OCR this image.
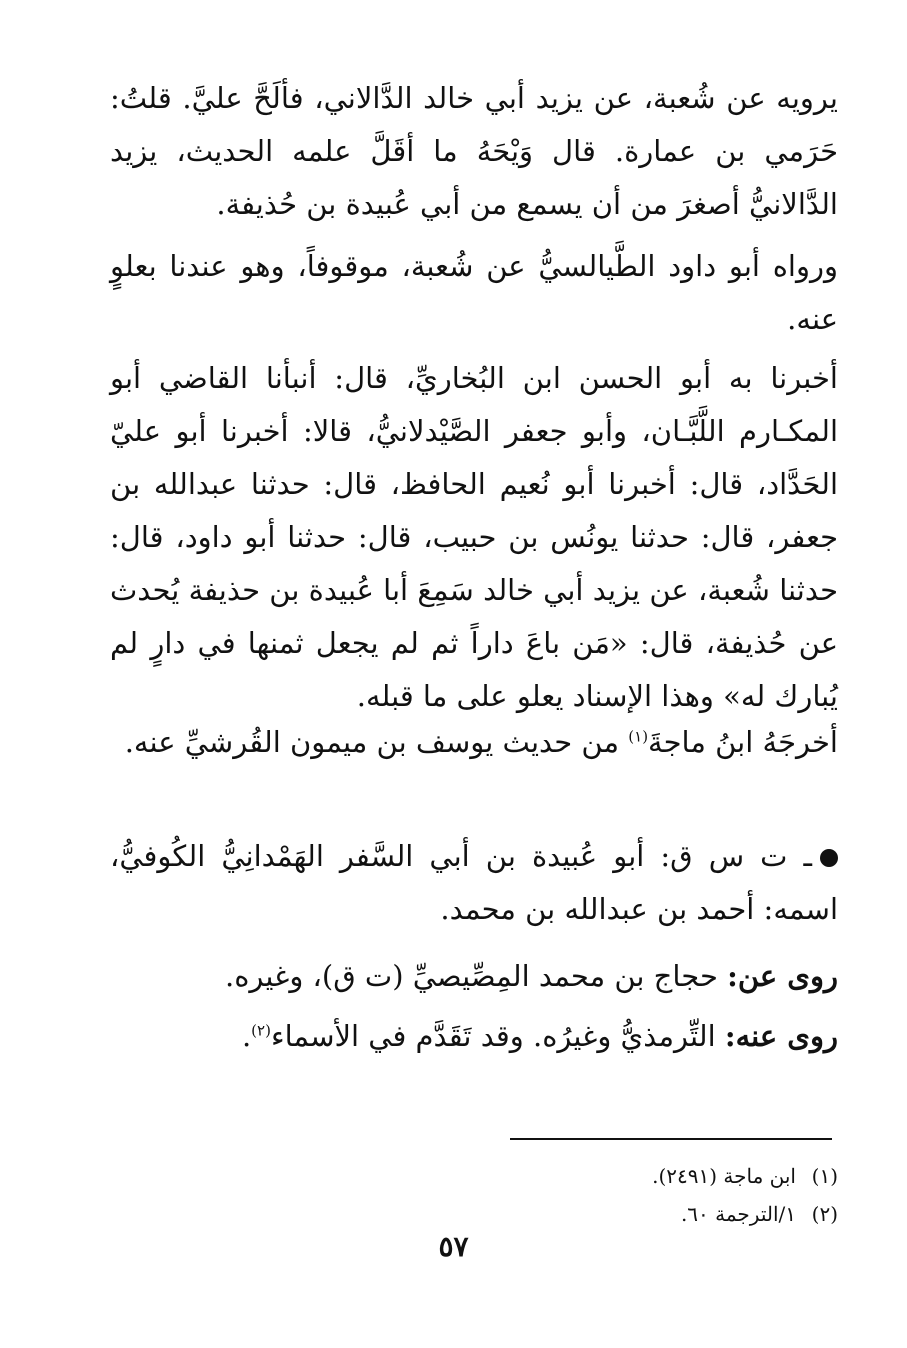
يرويه عن شُعبة، عن يزيد أبي خالد الدَّالاني، فألَحَّ عليَّ. قلتُ: حَرَمي بن عمارة. قال وَيْحَهُ ما أقَلَّ علمه الحديث، يزيد الدَّالانيُّ أصغرَ من أن يسمع من أبي عُبيدة بن حُذيفة.

ورواه أبو داود الطَّيالسيُّ عن شُعبة، موقوفاً، وهو عندنا بعلوٍ عنه.

أخبرنا به أبو الحسن ابن البُخاريِّ، قال: أنبأنا القاضي أبو المكـارم اللَّبَّـان، وأبو جعفر الصَّيْدلانيُّ، قالا: أخبرنا أبو عليّ الحَدَّاد، قال: أخبرنا أبو نُعيم الحافظ، قال: حدثنا عبدالله بن جعفر، قال: حدثنا يونُس بن حبيب، قال: حدثنا أبو داود، قال: حدثنا شُعبة، عن يزيد أبي خالد سَمِعَ أبا عُبيدة بن حذيفة يُحدث عن حُذيفة، قال: «مَن باعَ داراً ثم لم يجعل ثمنها في دارٍ لم يُبارك له» وهذا الإسناد يعلو على ما قبله.

أخرجَهُ ابنُ ماجةَ$^{(١)}$ من حديث يوسف بن ميمون القُرشيِّ عنه.

ـ ت س ق: أبو عُبيدة بن أبي السَّفر الهَمْدانِيُّ الكُوفيُّ، اسمه: أحمد بن عبدالله بن محمد.

روى عن: حجاج بن محمد المِصِّيصيِّ (ت ق)، وغيره.

روى عنه: التِّرمذيُّ وغيرُه. وقد تَقَدَّم في الأسماء$^{(٢)}$.

(١)ابن ماجة (٢٤٩١).
(٢)١/الترجمة ٦٠.
٥٧
